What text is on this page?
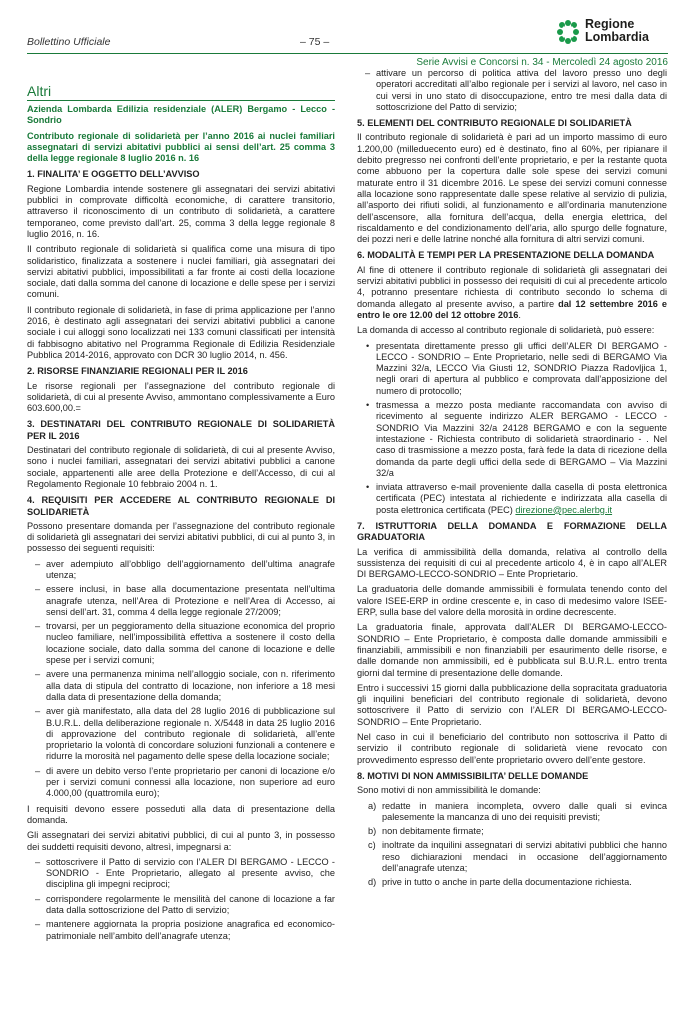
Bollettino Ufficiale	– 75 –
Regione
Lombardia
Serie Avvisi e Concorsi n. 34 - Mercoledì 24 agosto 2016
Altri
Azienda Lombarda Edilizia residenziale (ALER) Bergamo - Lecco - Sondrio
Contributo regionale di solidarietà per l’anno 2016 ai nuclei familiari assegnatari di servizi abitativi pubblici ai sensi dell’art. 25 comma 3 della legge regionale 8 luglio 2016 n. 16
1. FINALITA’ E OGGETTO DELL’AVVISO

Regione Lombardia intende sostenere gli assegnatari dei servizi abitativi pubblici in comprovate difficoltà economiche, di carattere transitorio, attraverso il riconoscimento di un contributo di solidarietà, a carattere temporaneo, come previsto dall’art. 25, comma 3 della legge regionale 8 luglio 2016, n. 16.

Il contributo regionale di solidarietà si qualifica come una misura di tipo solidaristico, finalizzata a sostenere i nuclei familiari, già assegnatari dei servizi abitativi pubblici, impossibilitati a far fronte ai costi della locazione sociale, dati dalla somma del canone di locazione e delle spese per i servizi comuni.

Il contributo regionale di solidarietà, in fase di prima applicazione per l’anno 2016, è destinato agli assegnatari dei servizi abitativi pubblici a canone sociale i cui alloggi sono localizzati nei 133 comuni classificati per intensità di fabbisogno abitativo nel Programma Regionale di Edilizia Residenziale Pubblica 2014-2016, approvato con DCR 30 luglio 2014, n. 456.

2. RISORSE FINANZIARIE REGIONALI PER IL 2016

Le risorse regionali per l’assegnazione del contributo regionale di solidarietà, di cui al presente Avviso, ammontano complessivamente a Euro 603.600,00.=

3. DESTINATARI DEL CONTRIBUTO REGIONALE DI SOLIDARIETÀ PER IL 2016

Destinatari del contributo regionale di solidarietà, di cui al presente Avviso, sono i nuclei familiari, assegnatari dei servizi abitativi pubblici a canone sociale, appartenenti alle aree della Protezione e dell’Accesso, di cui al Regolamento Regionale 10 febbraio 2004 n. 1.

4. REQUISITI PER ACCEDERE AL CONTRIBUTO REGIONALE DI SOLIDARIETÀ

Possono presentare domanda per l’assegnazione del contributo regionale di solidarietà gli assegnatari dei servizi abitativi pubblici, di cui al punto 3, in possesso dei seguenti requisiti:

– aver adempiuto all’obbligo dell’aggiornamento dell’ultima anagrafe utenza;
– essere inclusi, in base alla documentazione presentata nell’ultima anagrafe utenza, nell’Area di Protezione e nell’Area di Accesso, ai sensi dell’art. 31, comma 4 della legge regionale 27/2009;
– trovarsi, per un peggioramento della situazione economica del proprio nucleo familiare, nell’impossibilità effettiva a sostenere il costo della locazione sociale, dato dalla somma del canone di locazione e delle spese per i servizi comuni;
– avere una permanenza minima nell’alloggio sociale, con n. riferimento alla data di stipula del contratto di locazione, non inferiore a 18 mesi dalla data di presentazione della domanda;
– aver già manifestato, alla data del 28 luglio 2016 di pubblicazione sul B.U.R.L. della deliberazione regionale n. X/5448 in data 25 luglio 2016 di approvazione del contributo regionale di solidarietà, all’ente proprietario la volontà di concordare soluzioni funzionali a contenere e ridurre la morosità nel pagamento delle spese della locazione sociale;
– di avere un debito verso l’ente proprietario per canoni di locazione e/o per i servizi comuni connessi alla locazione, non superiore ad euro 4.000,00 (quattromila euro);

I requisiti devono essere posseduti alla data di presentazione della domanda.

Gli assegnatari dei servizi abitativi pubblici, di cui al punto 3, in possesso dei suddetti requisiti devono, altresì, impegnarsi a:

– sottoscrivere il Patto di servizio con l’ALER DI BERGAMO - LECCO - SONDRIO - Ente Proprietario, allegato al presente avviso, che disciplina gli impegni reciproci;
– corrispondere regolarmente le mensilità del canone di locazione a far data dalla sottoscrizione del Patto di servizio;
– mantenere aggiornata la propria posizione anagrafica ed economico- patrimoniale nell’ambito dell’anagrafe utenza;
– attivare un percorso di politica attiva del lavoro presso uno degli operatori accreditati all’albo regionale per i servizi al lavoro, nel caso in cui versi in uno stato di disoccupazione, entro tre mesi dalla data di sottoscrizione del Patto di servizio;
5. ELEMENTI DEL CONTRIBUTO REGIONALE DI SOLIDARIETÀ

Il contributo regionale di solidarietà è pari ad un importo massimo di euro 1.200,00 (milleduecento euro) ed è destinato, fino al 60%, per ripianare il debito pregresso nei confronti dell’ente proprietario, e per la restante quota come abbuono per la copertura dalle sole spese dei servizi comuni maturate entro il 31 dicembre 2016. Le spese dei servizi comuni connesse alla locazione sono rappresentate dalle spese relative al servizio di pulizia, all’asporto dei rifiuti solidi, al funzionamento e all’ordinaria manutenzione dell’ascensore, alla fornitura dell’acqua, della energia elettrica, del riscaldamento e del condizionamento dell’aria, allo spurgo delle fognature, dei pozzi neri e delle latrine nonché alla fornitura di altri servizi comuni.

6. MODALITÀ E TEMPI PER LA PRESENTAZIONE DELLA DOMANDA

Al fine di ottenere il contributo regionale di solidarietà gli assegnatari dei servizi abitativi pubblici in possesso dei requisiti di cui al precedente articolo 4, potranno presentare richiesta di contributo secondo lo schema di domanda allegato al presente avviso, a partire dal 12 settembre 2016 e entro le ore 12.00 del 12 ottobre 2016.

La domanda di accesso al contributo regionale di solidarietà, può essere:

• presentata direttamente presso gli uffici dell’ALER DI BERGAMO - LECCO - SONDRIO – Ente Proprietario, nelle sedi di BERGAMO Via Mazzini 32/a, LECCO Via Giusti 12, SONDRIO Piazza Radovljica 1, negli orari di apertura al pubblico e comprovata dall’apposizione del numero di protocollo;
• trasmessa a mezzo posta mediante raccomandata con avviso di ricevimento al seguente indirizzo ALER BERGAMO - LECCO - SONDRIO Via Mazzini 32/a 24128 BERGAMO e con la seguente intestazione - Richiesta contributo di solidarietà straordinario - . Nel caso di trasmissione a mezzo posta, farà fede la data di ricezione della domanda da parte degli uffici della sede di BERGAMO – Via Mazzini 32/a
• inviata attraverso e-mail proveniente dalla casella di posta elettronica certificata (PEC) intestata al richiedente e indirizzata alla casella di posta elettronica certificata (PEC) direzione@pec.alerbg.it
7. ISTRUTTORIA DELLA DOMANDA E FORMAZIONE DELLA GRADUATORIA

La verifica di ammissibilità della domanda, relativa al controllo della sussistenza dei requisiti di cui al precedente articolo 4, è in capo all’ALER DI BERGAMO-LECCO-SONDRIO – Ente Proprietario.

La graduatoria delle domande ammissibili è formulata tenendo conto del valore ISEE-ERP in ordine crescente e, in caso di medesimo valore ISEE-ERP, sulla base del valore della morosità in ordine decrescente.

La graduatoria finale, approvata dall’ALER DI BERGAMO-LECCO-SONDRIO – Ente Proprietario, è composta dalle domande ammissibili e finanziabili, ammissibili e non finanziabili per esaurimento delle risorse, e dalle domande non ammissibili, ed è pubblicata sul B.U.R.L. entro trenta giorni dal termine di presentazione delle domande.

Entro i successivi 15 giorni dalla pubblicazione della sopracitata graduatoria gli inquilini beneficiari del contributo regionale di solidarietà, devono sottoscrivere il Patto di servizio con l’ALER DI BERGAMO-LECCO-SONDRIO – Ente Proprietario.

Nel caso in cui il beneficiario del contributo non sottoscriva il Patto di servizio il contributo regionale di solidarietà viene revocato con provvedimento espresso dell’ente proprietario ovvero dell’ente gestore.

8. MOTIVI DI NON AMMISSIBILITA’ DELLE DOMANDE

Sono motivi di non ammissibilità le domande:

a) redatte in maniera incompleta, ovvero dalle quali si evinca palesemente la mancanza di uno dei requisiti previsti;
b) non debitamente firmate;
c) inoltrate da inquilini assegnatari di servizi abitativi pubblici che hanno reso dichiarazioni mendaci in occasione dell’aggiornamento dell’anagrafe utenza;
d) prive in tutto o anche in parte della documentazione richiesta.
